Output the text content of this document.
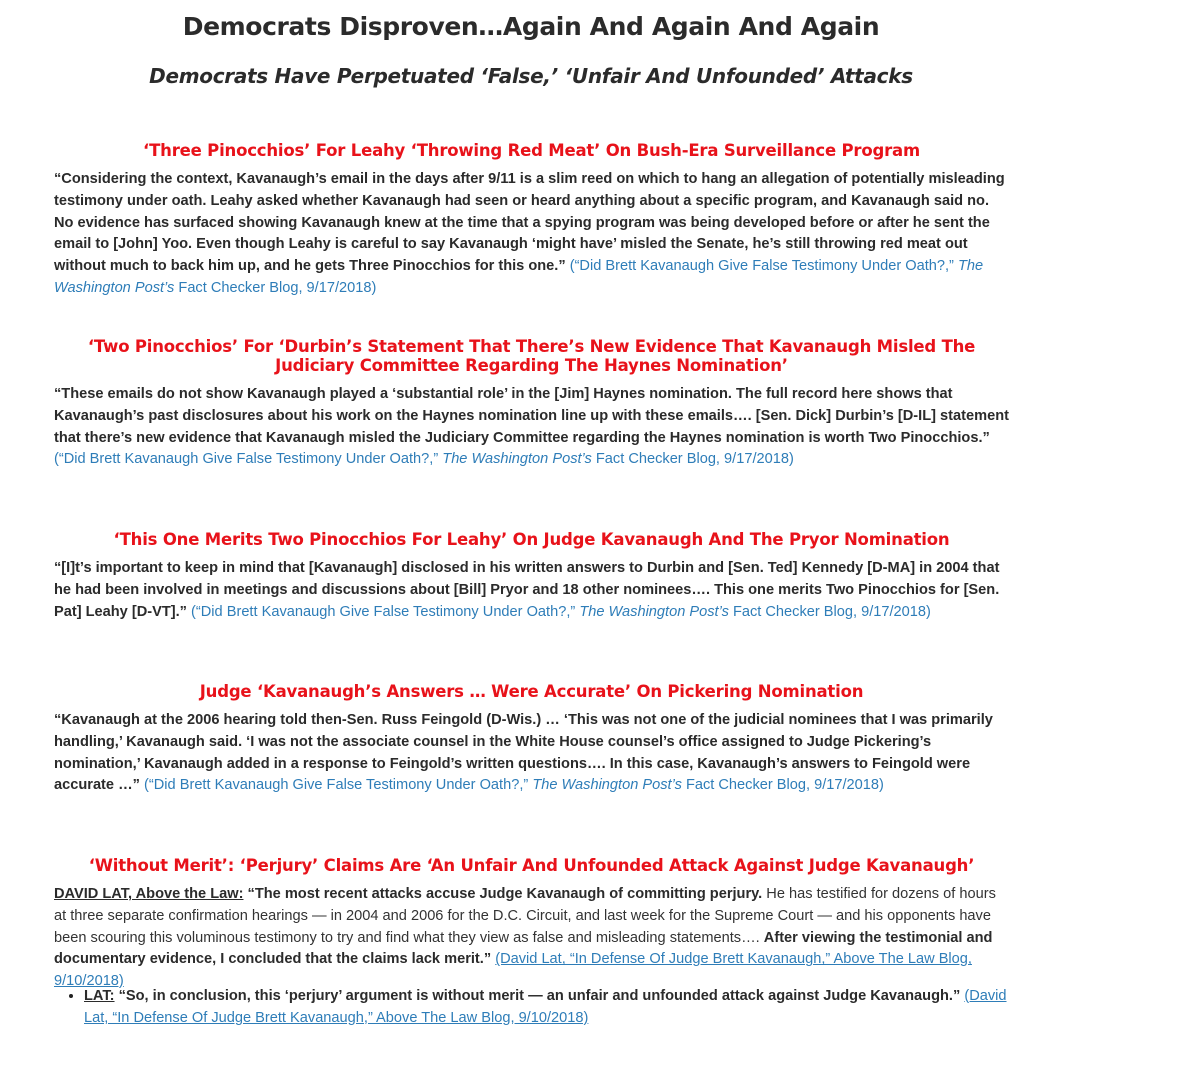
Democrats Disproven…Again And Again And Again
Democrats Have Perpetuated ‘False,’ ‘Unfair And Unfounded’ Attacks
‘Three Pinocchios’ For Leahy ‘Throwing Red Meat’ On Bush-Era Surveillance Program

“Considering the context, Kavanaugh’s email in the days after 9/11 is a slim reed on which to hang an allegation of potentially misleading testimony under oath. Leahy asked whether Kavanaugh had seen or heard anything about a specific program, and Kavanaugh said no. No evidence has surfaced showing Kavanaugh knew at the time that a spying program was being developed before or after he sent the email to [John] Yoo. Even though Leahy is careful to say Kavanaugh ‘might have’ misled the Senate, he’s still throwing red meat out without much to back him up, and he gets Three Pinocchios for this one.” (“Did Brett Kavanaugh Give False Testimony Under Oath?,” The Washington Post’s Fact Checker Blog, 9/17/2018)

‘Two Pinocchios’ For ‘Durbin’s Statement That There’s New Evidence That Kavanaugh Misled The Judiciary Committee Regarding The Haynes Nomination’

“These emails do not show Kavanaugh played a ‘substantial role’ in the [Jim] Haynes nomination. The full record here shows that Kavanaugh’s past disclosures about his work on the Haynes nomination line up with these emails…. [Sen. Dick] Durbin’s [D-IL] statement that there’s new evidence that Kavanaugh misled the Judiciary Committee regarding the Haynes nomination is worth Two Pinocchios.” (“Did Brett Kavanaugh Give False Testimony Under Oath?,” The Washington Post’s Fact Checker Blog, 9/17/2018)

‘This One Merits Two Pinocchios For Leahy’ On Judge Kavanaugh And The Pryor Nomination

“[I]t’s important to keep in mind that [Kavanaugh] disclosed in his written answers to Durbin and [Sen. Ted] Kennedy [D-MA] in 2004 that he had been involved in meetings and discussions about [Bill] Pryor and 18 other nominees…. This one merits Two Pinocchios for [Sen. Pat] Leahy [D-VT].” (“Did Brett Kavanaugh Give False Testimony Under Oath?,” The Washington Post’s Fact Checker Blog, 9/17/2018)

Judge ‘Kavanaugh’s Answers … Were Accurate’ On Pickering Nomination

“Kavanaugh at the 2006 hearing told then-Sen. Russ Feingold (D-Wis.) … ‘This was not one of the judicial nominees that I was primarily handling,’ Kavanaugh said. ‘I was not the associate counsel in the White House counsel’s office assigned to Judge Pickering’s nomination,’ Kavanaugh added in a response to Feingold’s written questions…. In this case, Kavanaugh’s answers to Feingold were accurate …” (“Did Brett Kavanaugh Give False Testimony Under Oath?,” The Washington Post’s Fact Checker Blog, 9/17/2018)

‘Without Merit’: ‘Perjury’ Claims Are ‘An Unfair And Unfounded Attack Against Judge Kavanaugh’

DAVID LAT, Above the Law: “The most recent attacks accuse Judge Kavanaugh of committing perjury. He has testified for dozens of hours at three separate confirmation hearings — in 2004 and 2006 for the D.C. Circuit, and last week for the Supreme Court — and his opponents have been scouring this voluminous testimony to try and find what they view as false and misleading statements…. After viewing the testimonial and documentary evidence, I concluded that the claims lack merit.” (David Lat, “In Defense Of Judge Brett Kavanaugh,” Above The Law Blog, 9/10/2018)

• LAT: “So, in conclusion, this ‘perjury’ argument is without merit — an unfair and unfounded attack against Judge Kavanaugh.” (David Lat, “In Defense Of Judge Brett Kavanaugh,” Above The Law Blog, 9/10/2018)
